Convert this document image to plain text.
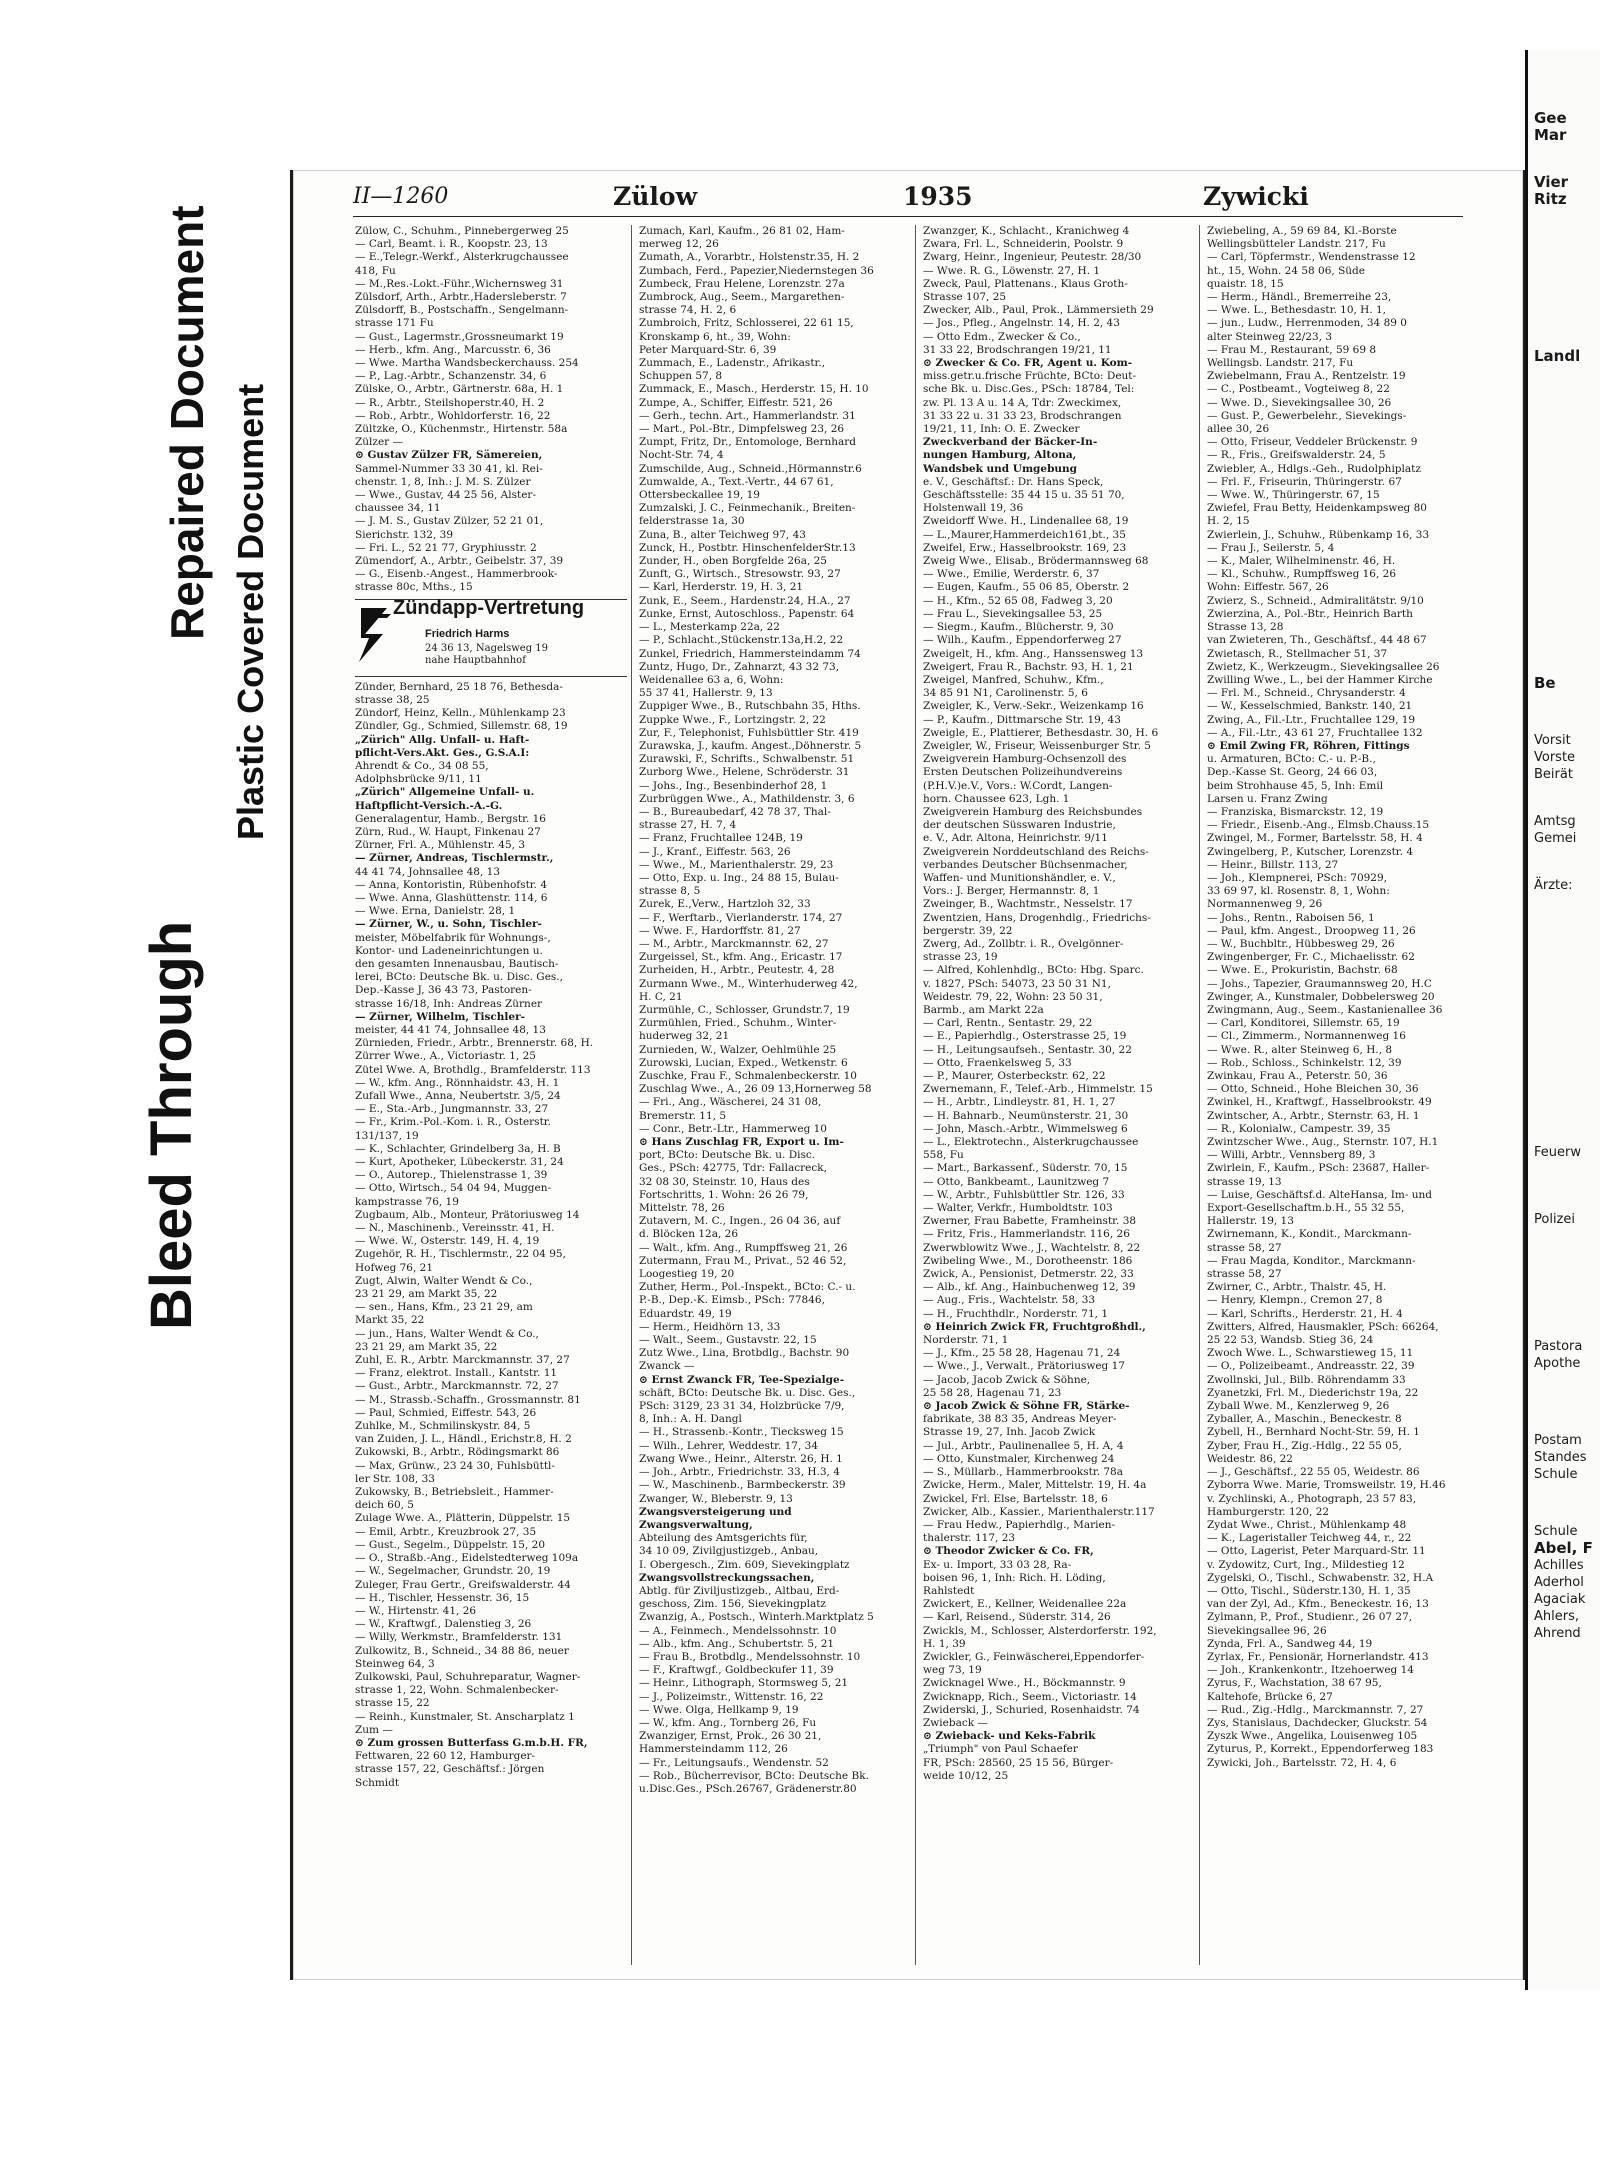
Bleed Through
Repaired Document Plastic Covered Document
II—1260	Zülow	1935	Zywicki

Zülow, C., Schuhm., Pinnebergerweg 25

— Carl, Beamt. i. R., Koopstr. 23, 13

— E.,Telegr.-Werkf., Alsterkrugchaussee

418, Fu

— M.,Res.-Lokt.-Führ.,Wichernsweg 31

Zülsdorf, Arth., Arbtr.,Hadersleberstr. 7

Zülsdorff, B., Postschaffn., Sengelmann-

strasse 171 Fu

— Gust., Lagermstr.,Grossneumarkt 19

— Herb., kfm. Ang., Marcusstr. 6, 36

— Wwe. Martha Wandsbeckerchauss. 254

— P., Lag.-Arbtr., Schanzenstr. 34, 6

Zülske, O., Arbtr., Gärtnerstr. 68a, H. 1

— R., Arbtr., Steilshoperstr.40, H. 2

— Rob., Arbtr., Wohldorferstr. 16, 22

Zültzke, O., Küchenmstr., Hirtenstr. 58a

Zülzer —

⊙ Gustav Zülzer FR, Sämereien,

Sammel-Nummer 33 30 41, kl. Rei-

chenstr. 1, 8, Inh.: J. M. S. Zülzer

— Wwe., Gustav, 44 25 56, Alster-

chaussee 34, 11

— J. M. S., Gustav Zülzer, 52 21 01,

Sierichstr. 132, 39

— Fri. L., 52 21 77, Gryphiusstr. 2

Zümendorf, A., Arbtr., Geibelstr. 37, 39

— G., Eisenb.-Angest., Hammerbrook-

strasse 80c, Mths., 15

Zündapp-Vertretung
Friedrich Harms
24 36 13, Nagelsweg 19
nahe Hauptbahnhof

Zünder, Bernhard, 25 18 76, Bethesda-

strasse 38, 25

Zündorf, Heinz, Kelln., Mühlenkamp 23

Zündler, Gg., Schmied, Sillemstr. 68, 19

„Zürich" Allg. Unfall- u. Haft-

pflicht-Vers.Akt. Ges., G.S.A.I:

Ahrendt & Co., 34 08 55,

Adolphsbrücke 9/11, 11

„Zürich" Allgemeine Unfall- u.

Haftpflicht-Versich.-A.-G.

Generalagentur, Hamb., Bergstr. 16

Zürn, Rud., W. Haupt, Finkenau 27

Zürner, Frl. A., Mühlenstr. 45, 3

— Zürner, Andreas, Tischlermstr.,

44 41 74, Johnsallee 48, 13

— Anna, Kontoristin, Rübenhofstr. 4

— Wwe. Anna, Glashüttenstr. 114, 6

— Wwe. Erna, Danielstr. 28, 1

— Zürner, W., u. Sohn, Tischler-

meister, Möbelfabrik für Wohnungs-,

Kontor- und Ladeneinrichtungen u.

den gesamten Innenausbau, Bautisch-

lerei, BCto: Deutsche Bk. u. Disc. Ges.,

Dep.-Kasse J, 36 43 73, Pastoren-

strasse 16/18, Inh: Andreas Zürner

— Zürner, Wilhelm, Tischler-

meister, 44 41 74, Johnsallee 48, 13

Zürnieden, Friedr., Arbtr., Brennerstr. 68, H.

Zürrer Wwe., A., Victoriastr. 1, 25

Zütel Wwe. A, Brothdlg., Bramfelderstr. 113

— W., kfm. Ang., Rönnhaidstr. 43, H. 1

Zufall Wwe., Anna, Neubertstr. 3/5, 24

— E., Sta.-Arb., Jungmannstr. 33, 27

— Fr., Krim.-Pol.-Kom. i. R., Osterstr.

131/137, 19

— K., Schlachter, Grindelberg 3a, H. B

— Kurt, Apotheker, Lübeckerstr. 31, 24

— O., Autorep., Thielenstrasse 1, 39

— Otto, Wirtsch., 54 04 94, Muggen-

kampstrasse 76, 19

Zugbaum, Alb., Monteur, Prätoriusweg 14

— N., Maschinenb., Vereinsstr. 41, H.

— Wwe. W., Osterstr. 149, H. 4, 19

Zugehör, R. H., Tischlermstr., 22 04 95,

Hofweg 76, 21

Zugt, Alwin, Walter Wendt & Co.,

23 21 29, am Markt 35, 22

— sen., Hans, Kfm., 23 21 29, am

Markt 35, 22

— jun., Hans, Walter Wendt & Co.,

23 21 29, am Markt 35, 22

Zuhl, E. R., Arbtr. Marckmannstr. 37, 27

— Franz, elektrot. Install., Kantstr. 11

— Gust., Arbtr., Marckmannstr. 72, 27

— M., Strassb.-Schaffn., Grossmannstr. 81

— Paul, Schmied, Eiffestr. 543, 26

Zuhlke, M., Schmilinskystr. 84, 5

van Zuiden, J. L., Händl., Erichstr.8, H. 2

Zukowski, B., Arbtr., Rödingsmarkt 86

— Max, Grünw., 23 24 30, Fuhlsbüttl-

ler Str. 108, 33

Zukowsky, B., Betriebsleit., Hammer-

deich 60, 5

Zulage Wwe. A., Plätterin, Düppelstr. 15

— Emil, Arbtr., Kreuzbrook 27, 35

— Gust., Segelm., Düppelstr. 15, 20

— O., Straßb.-Ang., Eidelstedterweg 109a

— W., Segelmacher, Grundstr. 20, 19

Zuleger, Frau Gertr., Greifswalderstr. 44

— H., Tischler, Hessenstr. 36, 15

— W., Hirtenstr. 41, 26

— W., Kraftwgf., Dalenstieg 3, 26

— Willy, Werkmstr., Bramfelderstr. 131

Zulkowitz, B., Schneid., 34 88 86, neuer

Steinweg 64, 3

Zulkowski, Paul, Schuhreparatur, Wagner-

strasse 1, 22, Wohn. Schmalenbecker-

strasse 15, 22

— Reinh., Kunstmaler, St. Anscharplatz 1

Zum —

⊙ Zum grossen Butterfass G.m.b.H. FR,

Fettwaren, 22 60 12, Hamburger-

strasse 157, 22, Geschäftsf.: Jörgen

Schmidt

Zumach, Karl, Kaufm., 26 81 02, Ham-

merweg 12, 26

Zumath, A., Vorarbtr., Holstenstr.35, H. 2

Zumbach, Ferd., Papezier,Niedernstegen 36

Zumbeck, Frau Helene, Lorenzstr. 27a

Zumbrock, Aug., Seem., Margarethen-

strasse 74, H. 2, 6

Zumbroich, Fritz, Schlosserei, 22 61 15,

Kronskamp 6, ht., 39, Wohn:

Peter Marquard-Str. 6, 39

Zummach, E., Ladenstr., Afrikastr.,

Schuppen 57, 8

Zummack, E., Masch., Herderstr. 15, H. 10

Zumpe, A., Schiffer, Eiffestr. 521, 26

— Gerh., techn. Art., Hammerlandstr. 31

— Mart., Pol.-Btr., Dimpfelsweg 23, 26

Zumpt, Fritz, Dr., Entomologe, Bernhard

Nocht-Str. 74, 4

Zumschilde, Aug., Schneid.,Hörmannstr.6

Zumwalde, A., Text.-Vertr., 44 67 61,

Ottersbeckallee 19, 19

Zumzalski, J. C., Feinmechanik., Breiten-

felderstrasse 1a, 30

Zuna, B., alter Teichweg 97, 43

Zunck, H., Postbtr. HinschenfelderStr.13

Zunder, H., oben Borgfelde 26a, 25

Zunft, G., Wirtsch., Stresowstr. 93, 27

— Karl, Herderstr. 19, H. 3, 21

Zunk, E., Seem., Hardenstr.24, H.A., 27

Zunke, Ernst, Autoschloss., Papenstr. 64

— L., Mesterkamp 22a, 22

— P., Schlacht.,Stückenstr.13a,H.2, 22

Zunkel, Friedrich, Hammersteindamm 74

Zuntz, Hugo, Dr., Zahnarzt, 43 32 73,

Weidenallee 63 a, 6, Wohn:

55 37 41, Hallerstr. 9, 13

Zuppiger Wwe., B., Rutschbahn 35, Hths.

Zuppke Wwe., F., Lortzingstr. 2, 22

Zur, F., Telephonist, Fuhlsbüttler Str. 419

Zurawska, J., kaufm. Angest.,Döhnerstr. 5

Zurawski, F., Schrifts., Schwalbenstr. 51

Zurborg Wwe., Helene, Schröderstr. 31

— Johs., Ing., Besenbinderhof 28, 1

Zurbrüggen Wwe., A., Mathildenstr. 3, 6

— B., Bureaubedarf, 42 78 37, Thal-

strasse 27, H. 7, 4

— Franz, Fruchtallee 124B, 19

— J., Kranf., Eiffestr. 563, 26

— Wwe., M., Marienthalerstr. 29, 23

— Otto, Exp. u. Ing., 24 88 15, Bulau-

strasse 8, 5

Zurek, E.,Verw., Hartzloh 32, 33

— F., Werftarb., Vierlanderstr. 174, 27

— Wwe. F., Hardorffstr. 81, 27

— M., Arbtr., Marckmannstr. 62, 27

Zurgeissel, St., kfm. Ang., Ericastr. 17

Zurheiden, H., Arbtr., Peutestr. 4, 28

Zurmann Wwe., M., Winterhuderweg 42,

H. C, 21

Zurmühle, C., Schlosser, Grundstr.7, 19

Zurmühlen, Fried., Schuhm., Winter-

huderweg 32, 21

Zurnieden, W., Walzer, Oehlmühle 25

Zurowski, Lucian, Exped., Wetkenstr. 6

Zuschke, Frau F., Schmalenbeckerstr. 10

Zuschlag Wwe., A., 26 09 13,Hornerweg 58

— Fri., Ang., Wäscherei, 24 31 08,

Bremerstr. 11, 5

— Conr., Betr.-Ltr., Hammerweg 10

⊙ Hans Zuschlag FR, Export u. Im-

port, BCto: Deutsche Bk. u. Disc.

Ges., PSch: 42775, Tdr: Fallacreck,

32 08 30, Steinstr. 10, Haus des

Fortschritts, 1. Wohn: 26 26 79,

Mittelstr. 78, 26

Zutavern, M. C., Ingen., 26 04 36, auf

d. Blöcken 12a, 26

— Walt., kfm. Ang., Rumpffsweg 21, 26

Zutermann, Frau M., Privat., 52 46 52,

Loogestieg 19, 20

Zuther, Herm., Pol.-Inspekt., BCto: C.- u.

P.-B., Dep.-K. Eimsb., PSch: 77846,

Eduardstr. 49, 19

— Herm., Heidhörn 13, 33

— Walt., Seem., Gustavstr. 22, 15

Zutz Wwe., Lina, Brotbdlg., Bachstr. 90

Zwanck —

⊙ Ernst Zwanck FR, Tee-Spezialge-

schäft, BCto: Deutsche Bk. u. Disc. Ges.,

PSch: 3129, 23 31 34, Holzbrücke 7/9,

8, Inh.: A. H. Dangl

— H., Strassenb.-Kontr., Tiecksweg 15

— Wilh., Lehrer, Weddestr. 17, 34

Zwang Wwe., Heinr., Alterstr. 26, H. 1

— Joh., Arbtr., Friedrichstr. 33, H.3, 4

— W., Maschinenb., Barmbeckerstr. 39

Zwanger, W., Bleberstr. 9, 13

Zwangsversteigerung und

Zwangsverwaltung,

Abteilung des Amtsgerichts für,

34 10 09, Zivilgjustizgeb., Anbau,

I. Obergesch., Zim. 609, Sievekingplatz

Zwangsvollstreckungssachen,

Abtlg. für Ziviljustizgeb., Altbau, Erd-

geschoss, Zim. 156, Sievekingplatz

Zwanzig, A., Postsch., Winterh.Marktplatz 5

— A., Feinmech., Mendelssohnstr. 10

— Alb., kfm. Ang., Schubertstr. 5, 21

— Frau B., Brotbdlg., Mendelssohnstr. 10

— F., Kraftwgf., Goldbeckufer 11, 39

— Heinr., Lithograph, Stormsweg 5, 21

— J., Polizeimstr., Wittenstr. 16, 22

— Wwe. Olga, Hellkamp 9, 19

— W., kfm. Ang., Tornberg 26, Fu

Zwanziger, Ernst, Prok., 26 30 21,

Hammersteindamm 112, 26

— Fr., Leitungsaufs., Wendenstr. 52

— Rob., Bücherrevisor, BCto: Deutsche Bk.

u.Disc.Ges., PSch.26767, Grädenerstr.80

Zwanzger, K., Schlacht., Kranichweg 4

Zwara, Frl. L., Schneiderin, Poolstr. 9

Zwarg, Heinr., Ingenieur, Peutestr. 28/30

— Wwe. R. G., Löwenstr. 27, H. 1

Zweck, Paul, Plattenans., Klaus Groth-

Strasse 107, 25

Zwecker, Alb., Paul, Prok., Lämmersieth 29

— Jos., Pfleg., Angelnstr. 14, H. 2, 43

— Otto Edm., Zwecker & Co.,

31 33 22, Brodschrangen 19/21, 11

⊙ Zwecker & Co. FR, Agent u. Kom-

miss.getr.u.frische Früchte, BCto: Deut-

sche Bk. u. Disc.Ges., PSch: 18784, Tel:

zw. Pl. 13 A u. 14 A, Tdr: Zweckimex,

31 33 22 u. 31 33 23, Brodschrangen

19/21, 11, Inh: O. E. Zwecker

Zweckverband der Bäcker-In-

nungen Hamburg, Altona,

Wandsbek und Umgebung

e. V., Geschäftsf.: Dr. Hans Speck,

Geschäftsstelle: 35 44 15 u. 35 51 70,

Holstenwall 19, 36

Zweidorff Wwe. H., Lindenallee 68, 19

— L.,Maurer,Hammerdeich161,bt., 35

Zweifel, Erw., Hasselbrookstr. 169, 23

Zweig Wwe., Elisab., Brödermannsweg 68

— Wwe., Emilie, Werderstr. 6, 37

— Eugen, Kaufm., 55 06 85, Oberstr. 2

— H., Kfm., 52 65 08, Fadweg 3, 20

— Frau L., Sievekingsallee 53, 25

— Siegm., Kaufm., Blücherstr. 9, 30

— Wilh., Kaufm., Eppendorferweg 27

Zweigelt, H., kfm. Ang., Hanssensweg 13

Zweigert, Frau R., Bachstr. 93, H. 1, 21

Zweigel, Manfred, Schuhw., Kfm.,

34 85 91 N1, Carolinenstr. 5, 6

Zweigler, K., Verw.-Sekr., Weizenkamp 16

— P., Kaufm., Dittmarsche Str. 19, 43

Zweigle, E., Plattierer, Bethesdastr. 30, H. 6

Zweigler, W., Friseur, Weissenburger Str. 5

Zweigverein Hamburg-Ochsenzoll des

Ersten Deutschen Polizeihundvereins

(P.H.V.)e.V., Vors.: W.Cordt, Langen-

horn. Chaussee 623, Lgh. 1

Zweigverein Hamburg des Reichsbundes

der deutschen Süsswaren Industrie,

e. V., Adr. Altona, Heinrichstr. 9/11

Zweigverein Norddeutschland des Reichs-

verbandes Deutscher Büchsenmacher,

Waffen- und Munitionshändler, e. V.,

Vors.: J. Berger, Hermannstr. 8, 1

Zweinger, B., Wachtmstr., Nesselstr. 17

Zwentzien, Hans, Drogenhdlg., Friedrichs-

bergerstr. 39, 22

Zwerg, Ad., Zollbtr. i. R., Övelgönner-

strasse 23, 19

— Alfred, Kohlenhdlg., BCto: Hbg. Sparc.

v. 1827, PSch: 54073, 23 50 31 N1,

Weidestr. 79, 22, Wohn: 23 50 31,

Barmb., am Markt 22a

— Carl, Rentn., Sentastr. 29, 22

— E., Papierhdlg., Osterstrasse 25, 19

— H., Leitungsaufseh., Sentastr. 30, 22

— Otto, Fraenkelsweg 5, 33

— P., Maurer, Osterbeckstr. 62, 22

Zwernemann, F., Telef.-Arb., Himmelstr. 15

— H., Arbtr., Lindleystr. 81, H. 1, 27

— H. Bahnarb., Neumünsterstr. 21, 30

— John, Masch.-Arbtr., Wimmelsweg 6

— L., Elektrotechn., Alsterkrugchaussee

558, Fu

— Mart., Barkassenf., Süderstr. 70, 15

— Otto, Bankbeamt., Launitzweg 7

— W., Arbtr., Fuhlsbüttler Str. 126, 33

— Walter, Verkfr., Humboldtstr. 103

Zwerner, Frau Babette, Framheinstr. 38

— Fritz, Fris., Hammerlandstr. 116, 26

Zwerwblowitz Wwe., J., Wachtelstr. 8, 22

Zwibeling Wwe., M., Dorotheenstr. 186

Zwick, A., Pensionist, Detmerstr. 22, 33

— Alb., kf. Ang., Hainbuchenweg 12, 39

— Aug., Fris., Wachtelstr. 58, 33

— H., Fruchthdlr., Norderstr. 71, 1

⊙ Heinrich Zwick FR, Fruchtgroßhdl.,

Norderstr. 71, 1

— J., Kfm., 25 58 28, Hagenau 71, 24

— Wwe., J., Verwalt., Prätoriusweg 17

— Jacob, Jacob Zwick & Söhne,

25 58 28, Hagenau 71, 23

⊙ Jacob Zwick & Söhne FR, Stärke-

fabrikate, 38 83 35, Andreas Meyer-

Strasse 19, 27, Inh. Jacob Zwick

— Jul., Arbtr., Paulinenallee 5, H. A, 4

— Otto, Kunstmaler, Kirchenweg 24

— S., Müllarb., Hammerbrookstr. 78a

Zwicke, Herm., Maler, Mittelstr. 19, H. 4a

Zwickel, Frl. Else, Bartelsstr. 18, 6

Zwicker, Alb., Kassier., Marienthalerstr.117

— Frau Hedw., Papierhdlg., Marien-

thalerstr. 117, 23

⊙ Theodor Zwicker & Co. FR,

Ex- u. Import, 33 03 28, Ra-

boisen 96, 1, Inh: Rich. H. Löding,

Rahlstedt

Zwickert, E., Kellner, Weidenallee 22a

— Karl, Reisend., Süderstr. 314, 26

Zwickls, M., Schlosser, Alsterdorferstr. 192,

H. 1, 39

Zwickler, G., Feinwäscherei,Eppendorfer-

weg 73, 19

Zwicknagel Wwe., H., Böckmannstr. 9

Zwicknapp, Rich., Seem., Victoriastr. 14

Zwiderski, J., Schuried, Rosenhaidstr. 74

Zwieback —

⊙ Zwieback- und Keks-Fabrik

„Triumph" von Paul Schaefer

FR, PSch: 28560, 25 15 56, Bürger-

weide 10/12, 25

Zwiebeling, A., 59 69 84, Kl.-Borste

Wellingsbütteler Landstr. 217, Fu

— Carl, Töpfermstr., Wendenstrasse 12

ht., 15, Wohn. 24 58 06, Süde

quaistr. 18, 15

— Herm., Händl., Bremerreihe 23,

— Wwe. L., Bethesdastr. 10, H. 1,

— jun., Ludw., Herrenmoden, 34 89 0

alter Steinweg 22/23, 3

— Frau M., Restaurant, 59 69 8

Wellingsb. Landstr. 217, Fu

Zwiebelmann, Frau A., Rentzelstr. 19

— C., Postbeamt., Vogteiweg 8, 22

— Wwe. D., Sievekingsallee 30, 26

— Gust. P., Gewerbelehr., Sievekings-

allee 30, 26

— Otto, Friseur, Veddeler Brückenstr. 9

— R., Fris., Greifswalderstr. 24, 5

Zwiebler, A., Hdlgs.-Geh., Rudolphiplatz

— Frl. F., Friseurin, Thüringerstr. 67

— Wwe. W., Thüringerstr. 67, 15

Zwiefel, Frau Betty, Heidenkampsweg 80

H. 2, 15

Zwierlein, J., Schuhw., Rübenkamp 16, 33

— Frau J., Seilerstr. 5, 4

— K., Maler, Wilhelminenstr. 46, H.

— Kl., Schuhw., Rumpffsweg 16, 26

Wohn: Eiffestr. 567, 26

Zwierz, S., Schneid., Admiralitätstr. 9/10

Zwierzina, A., Pol.-Btr., Heinrich Barth

Strasse 13, 28

van Zwieteren, Th., Geschäftsf., 44 48 67

Zwietasch, R., Stellmacher 51, 37

Zwietz, K., Werkzeugm., Sievekingsallee 26

Zwilling Wwe., L., bei der Hammer Kirche

— Frl. M., Schneid., Chrysanderstr. 4

— W., Kesselschmied, Bankstr. 140, 21

Zwing, A., Fil.-Ltr., Fruchtallee 129, 19

— A., Fil.-Ltr., 43 61 27, Fruchtallee 132

⊙ Emil Zwing FR, Röhren, Fittings

u. Armaturen, BCto: C.- u. P.-B.,

Dep.-Kasse St. Georg, 24 66 03,

beim Strohhause 45, 5, Inh: Emil

Larsen u. Franz Zwing

— Franziska, Bismarckstr. 12, 19

— Friedr., Eisenb.-Ang., Elmsb.Chauss.15

Zwingel, M., Former, Bartelsstr. 58, H. 4

Zwingelberg, P., Kutscher, Lorenzstr. 4

— Heinr., Billstr. 113, 27

— Joh., Klempnerei, PSch: 70929,

33 69 97, kl. Rosenstr. 8, 1, Wohn:

Normannenweg 9, 26

— Johs., Rentn., Raboisen 56, 1

— Paul, kfm. Angest., Droopweg 11, 26

— W., Buchbltr., Hübbesweg 29, 26

Zwingenberger, Fr. C., Michaelisstr. 62

— Wwe. E., Prokuristin, Bachstr. 68

— Johs., Tapezier, Graumannsweg 20, H.C

Zwinger, A., Kunstmaler, Dobbelersweg 20

Zwingmann, Aug., Seem., Kastanienallee 36

— Carl, Konditorei, Sillemstr. 65, 19

— Cl., Zimmerm., Normannenweg 16

— Wwe. R., alter Steinweg 6, H., 8

— Rob., Schloss., Schinkelstr. 12, 39

Zwinkau, Frau A., Peterstr. 50, 36

— Otto, Schneid., Hohe Bleichen 30, 36

Zwinkel, H., Kraftwgf., Hasselbrookstr. 49

Zwintscher, A., Arbtr., Sternstr. 63, H. 1

— R., Kolonialw., Campestr. 39, 35

Zwintzscher Wwe., Aug., Sternstr. 107, H.1

— Willi, Arbtr., Vennsberg 89, 3

Zwirlein, F., Kaufm., PSch: 23687, Haller-

strasse 19, 13

— Luise, Geschäftsf.d. AlteHansa, Im- und

Export-Gesellschaftm.b.H., 55 32 55,

Hallerstr. 19, 13

Zwirnemann, K., Kondit., Marckmann-

strasse 58, 27

— Frau Magda, Konditor., Marckmann-

strasse 58, 27

Zwirner, C., Arbtr., Thalstr. 45, H.

— Henry, Klempn., Cremon 27, 8

— Karl, Schrifts., Herderstr. 21, H. 4

Zwitters, Alfred, Hausmakler, PSch: 66264,

25 22 53, Wandsb. Stieg 36, 24

Zwoch Wwe. L., Schwarstieweg 15, 11

— O., Polizeibeamt., Andreasstr. 22, 39

Zwollnski, Jul., Bilb. Röhrendamm 33

Zyanetzki, Frl. M., Diederichstr 19a, 22

Zyball Wwe. M., Kenzlerweg 9, 26

Zyballer, A., Maschin., Beneckestr. 8

Zybell, H., Bernhard Nocht-Str. 59, H. 1

Zyber, Frau H., Zig.-Hdlg., 22 55 05,

Weidestr. 86, 22

— J., Geschäftsf., 22 55 05, Weidestr. 86

Zyborra Wwe. Marie, Tromsweilstr. 19, H.46

v. Zychlinski, A., Photograph, 23 57 83,

Hamburgerstr. 120, 22

Zydat Wwe., Christ., Mühlenkamp 48

— K., Lageristaller Teichweg 44, r., 22

— Otto, Lagerist, Peter Marquard-Str. 11

v. Zydowitz, Curt, Ing., Mildestieg 12

Zygelski, O., Tischl., Schwabenstr. 32, H.A

— Otto, Tischl., Süderstr.130, H. 1, 35

van der Zyl, Ad., Kfm., Beneckestr. 16, 13

Zylmann, P., Prof., Studienr., 26 07 27,

Sievekingsallee 96, 26

Zynda, Frl. A., Sandweg 44, 19

Zyrlax, Fr., Pensionär, Hornerlandstr. 413

— Joh., Krankenkontr., Itzehoerweg 14

Zyrus, F., Wachstation, 38 67 95,

Kaltehofe, Brücke 6, 27

— Rud., Zig.-Hdlg., Marckmannstr. 7, 27

Zys, Stanislaus, Dachdecker, Gluckstr. 54

Zyszk Wwe., Angelika, Louisenweg 105

Zyturus, P., Korrekt., Eppendorferweg 183

Zywicki, Joh., Bartelsstr. 72, H. 4, 6

Gee
Mar
Vier
Ritz
Landl
Be
Vorsit
Vorste
Beirät
Amtsg
Gemei
Ärzte:
Feuerw
Polizei
Pastora
Apothe
Postam
Standes
Schule
Schule
Abel, F
Achilles
Aderhol
Agaciak
Ahlers,
Ahrend
